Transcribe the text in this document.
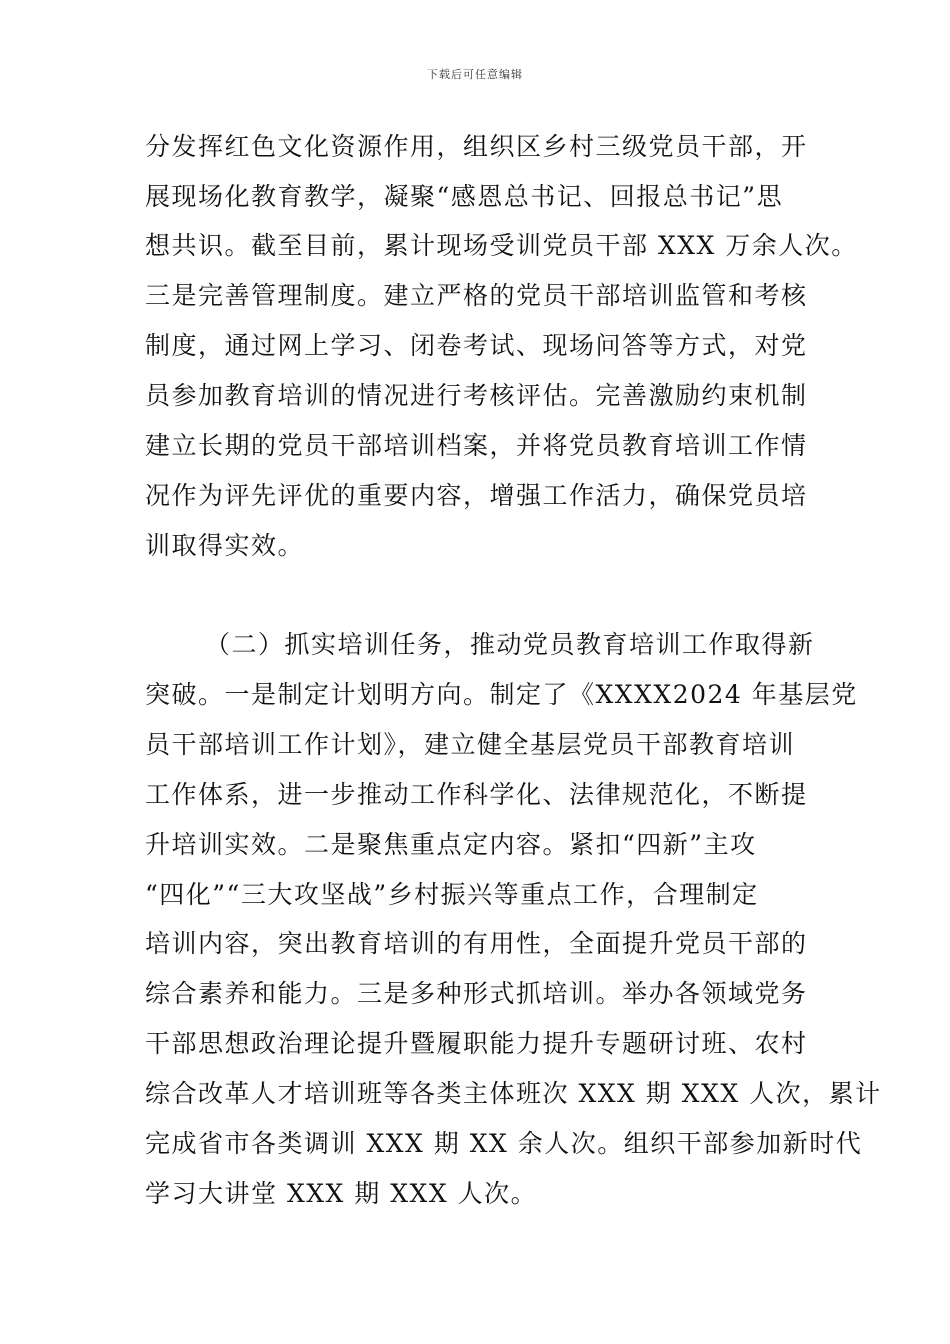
下载后可任意编辑
分发挥红色文化资源作用，组织区乡村三级党员干部，开
展现场化教育教学，凝聚“感恩总书记、回报总书记”思
想共识。截至目前，累计现场受训党员干部 XXX 万余人次。
三是完善管理制度。建立严格的党员干部培训监管和考核
制度，通过网上学习、闭卷考试、现场问答等方式，对党
员参加教育培训的情况进行考核评估。完善激励约束机制
建立长期的党员干部培训档案，并将党员教育培训工作情
况作为评先评优的重要内容，增强工作活力，确保党员培
训取得实效。
（二）抓实培训任务，推动党员教育培训工作取得新
突破。一是制定计划明方向。制定了《XXXX2024 年基层党
员干部培训工作计划》，建立健全基层党员干部教育培训
工作体系，进一步推动工作科学化、法律规范化，不断提
升培训实效。二是聚焦重点定内容。紧扣“四新”主攻
“四化”“三大攻坚战”乡村振兴等重点工作，合理制定
培训内容，突出教育培训的有用性，全面提升党员干部的
综合素养和能力。三是多种形式抓培训。举办各领域党务
干部思想政治理论提升暨履职能力提升专题研讨班、农村
综合改革人才培训班等各类主体班次 XXX 期 XXX 人次，累计
完成省市各类调训 XXX 期 XX 余人次。组织干部参加新时代
学习大讲堂 XXX 期 XXX 人次。
